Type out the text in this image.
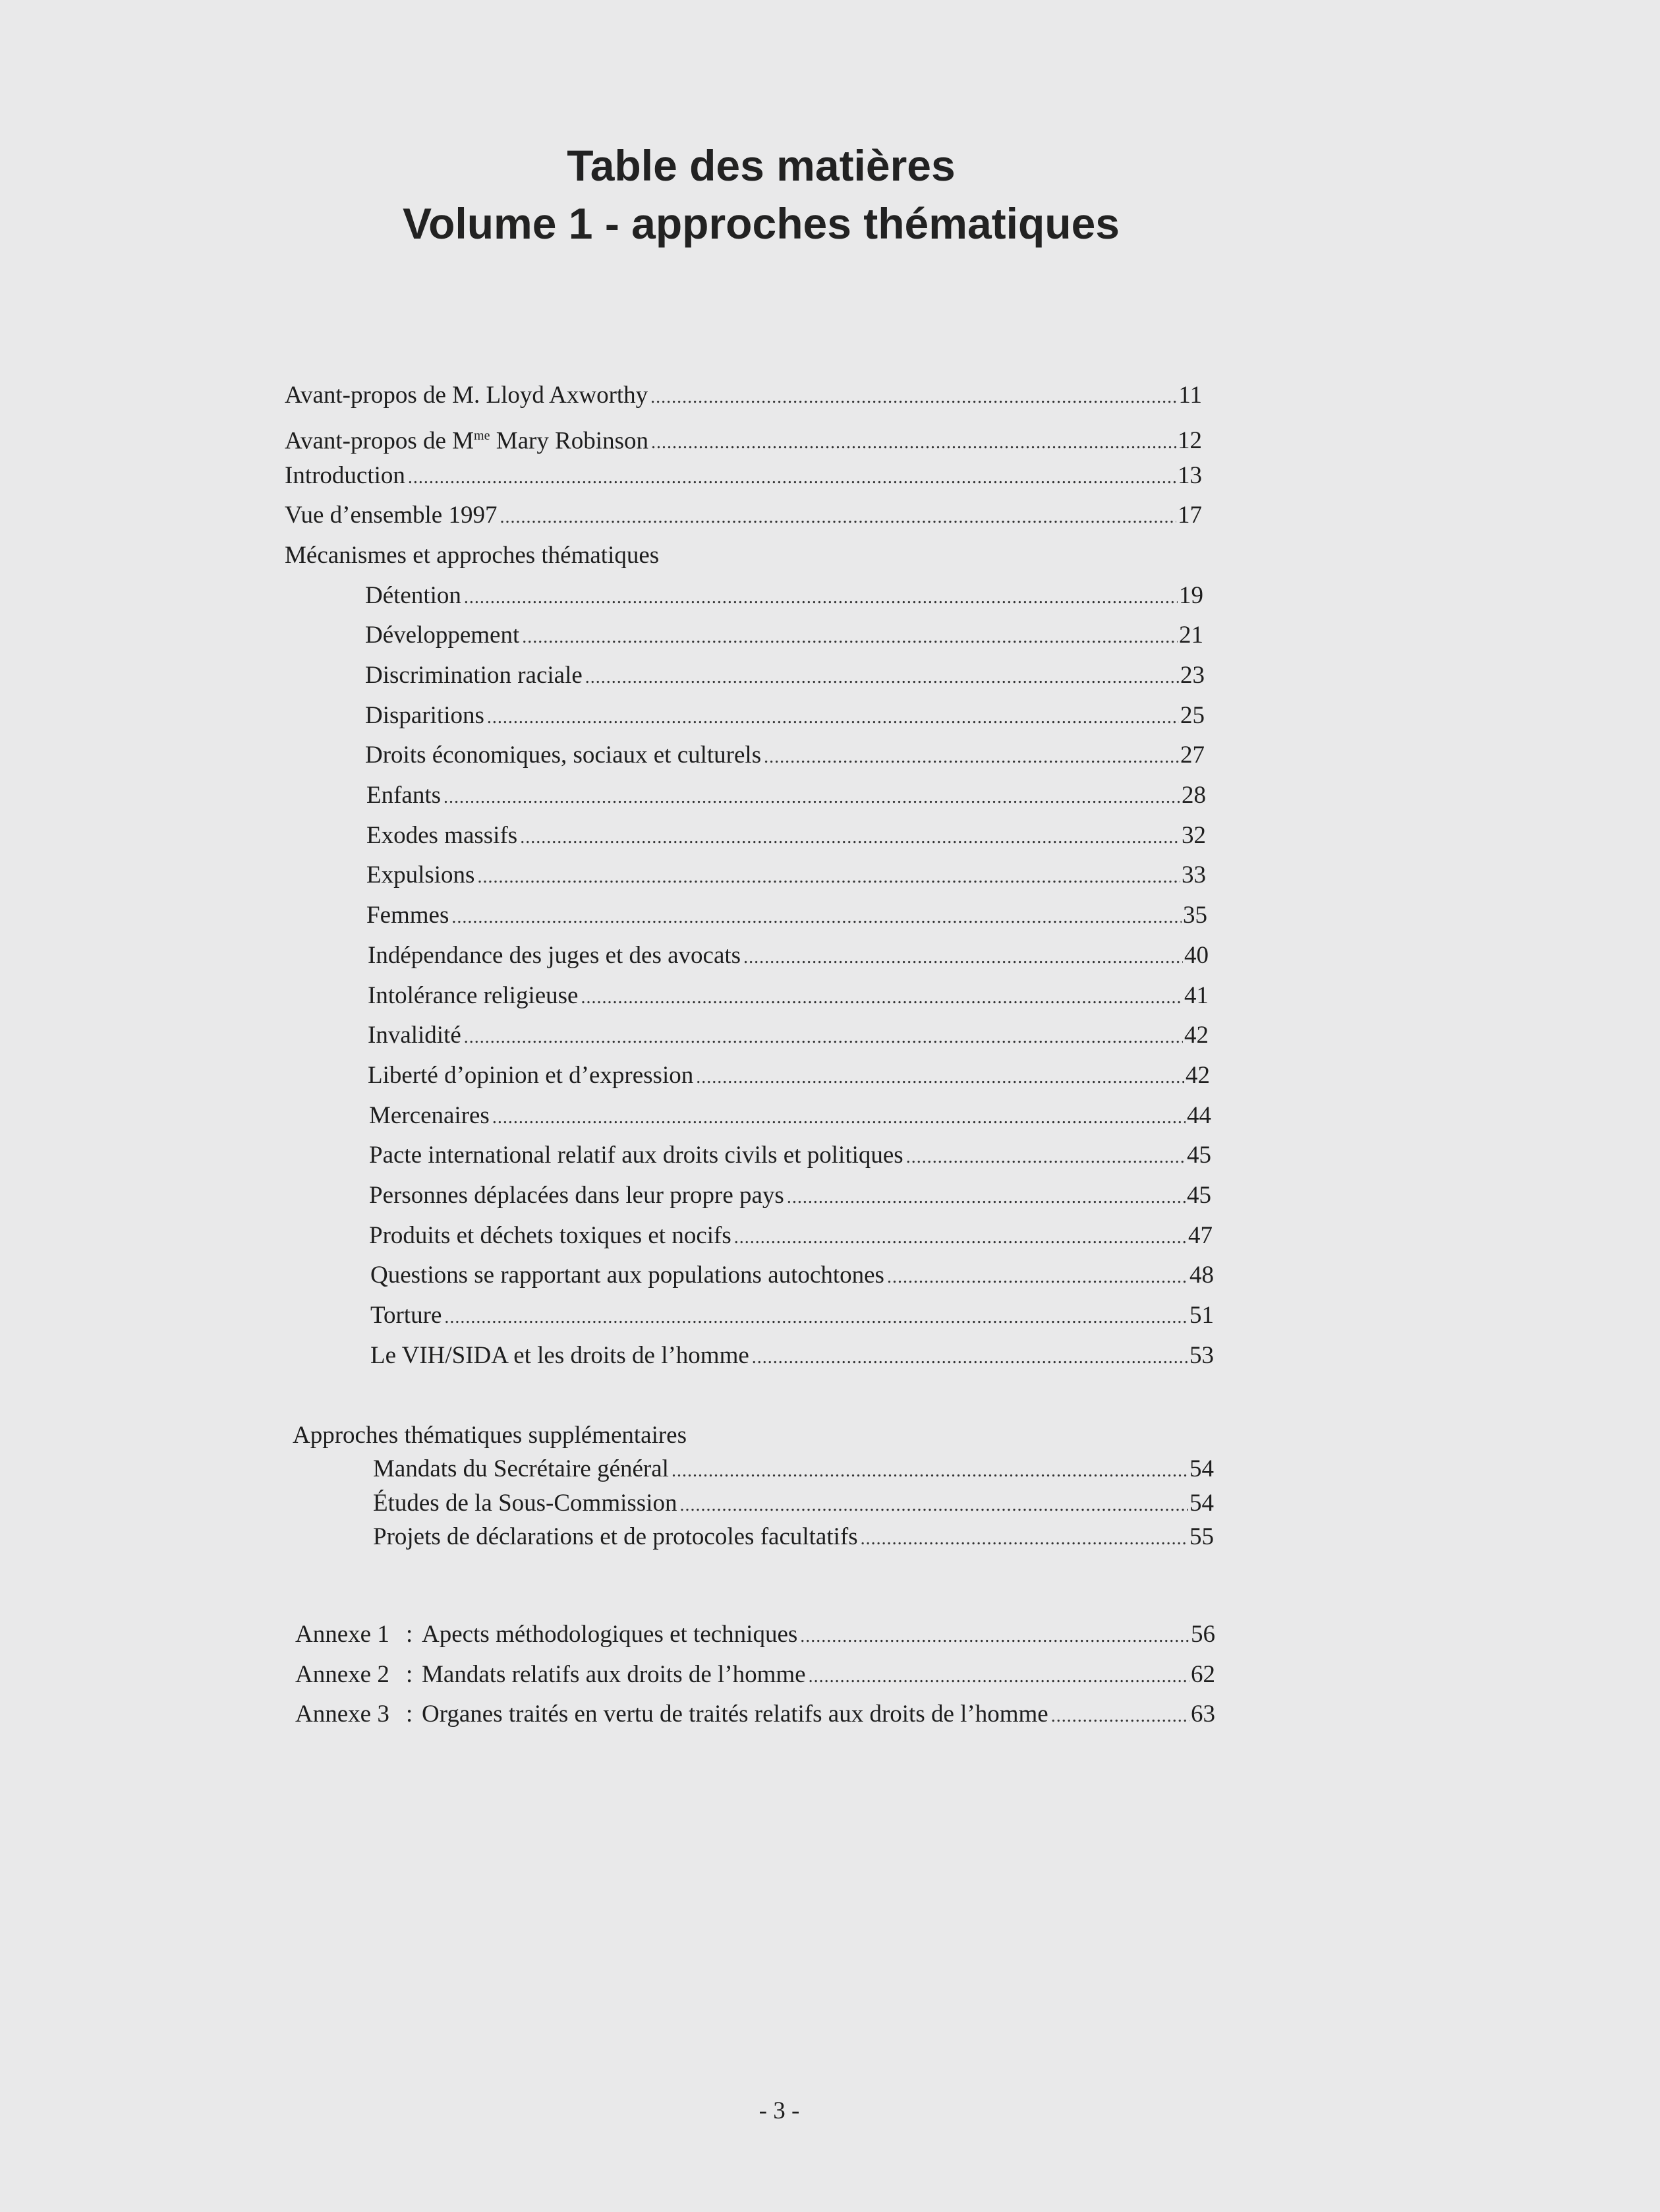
Table des matières
Volume 1 - approches thématiques
Avant-propos de M. Lloyd Axworthy .....	11
Avant-propos de $M^{me}$ Mary Robinson .....	12
Introduction .....	13
Vue d’ensemble 1997 .....	17
Mécanismes et approches thématiques
Détention .....	19
Développement .....	21
Discrimination raciale .....	23
Disparitions .....	25
Droits économiques, sociaux et culturels .....	27
Enfants .....	28
Exodes massifs .....	32
Expulsions .....	33
Femmes .....	35
Indépendance des juges et des avocats .....	40
Intolérance religieuse .....	41
Invalidité .....	42
Liberté d’opinion et d’expression .....	42
Mercenaires .....	44
Pacte international relatif aux droits civils et politiques .....	45
Personnes déplacées dans leur propre pays .....	45
Produits et déchets toxiques et nocifs .....	47
Questions se rapportant aux populations autochtones .....	48
Torture .....	51
Le VIH/SIDA et les droits de l’homme .....	53
Approches thématiques supplémentaires
Mandats du Secrétaire général .....	54
Études de la Sous-Commission .....	54
Projets de déclarations et de protocoles facultatifs .....	55
Annexe 1 : Apects méthodologiques et techniques .....	56
Annexe 2 : Mandats relatifs aux droits de l’homme .....	62
Annexe 3 : Organes traités en vertu de traités relatifs aux droits de l’homme .....	63
- 3 -
